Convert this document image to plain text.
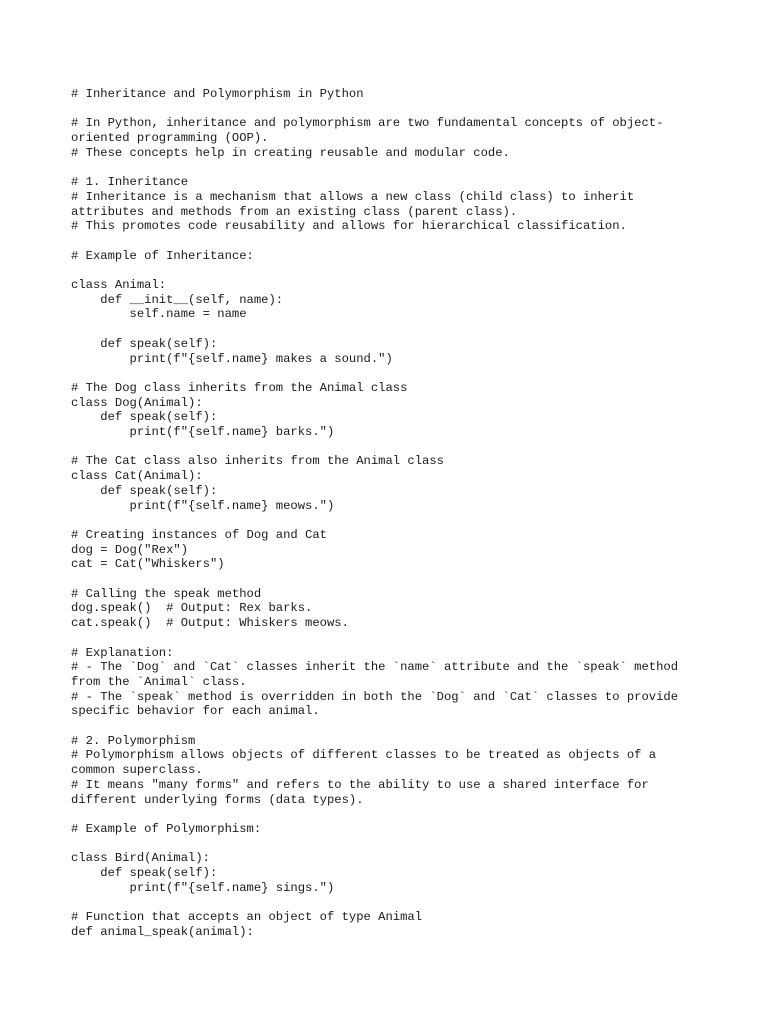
# Inheritance and Polymorphism in Python
# In Python, inheritance and polymorphism are two fundamental concepts of object-
oriented programming (OOP).
# These concepts help in creating reusable and modular code.
# 1. Inheritance
# Inheritance is a mechanism that allows a new class (child class) to inherit
attributes and methods from an existing class (parent class).
# This promotes code reusability and allows for hierarchical classification.
# Example of Inheritance:
class Animal:
def __init__(self, name):
self.name = name
def speak(self):
print(f"{self.name} makes a sound.")
# The Dog class inherits from the Animal class
class Dog(Animal):
def speak(self):
print(f"{self.name} barks.")
# The Cat class also inherits from the Animal class
class Cat(Animal):
def speak(self):
print(f"{self.name} meows.")
# Creating instances of Dog and Cat
dog = Dog("Rex")
cat = Cat("Whiskers")
# Calling the speak method
dog.speak()  # Output: Rex barks.
cat.speak()  # Output: Whiskers meows.
# Explanation:
# - The `Dog` and `Cat` classes inherit the `name` attribute and the `speak` method
from the `Animal` class.
# - The `speak` method is overridden in both the `Dog` and `Cat` classes to provide
specific behavior for each animal.
# 2. Polymorphism
# Polymorphism allows objects of different classes to be treated as objects of a
common superclass.
# It means "many forms" and refers to the ability to use a shared interface for
different underlying forms (data types).
# Example of Polymorphism:
class Bird(Animal):
def speak(self):
print(f"{self.name} sings.")
# Function that accepts an object of type Animal
def animal_speak(animal):
